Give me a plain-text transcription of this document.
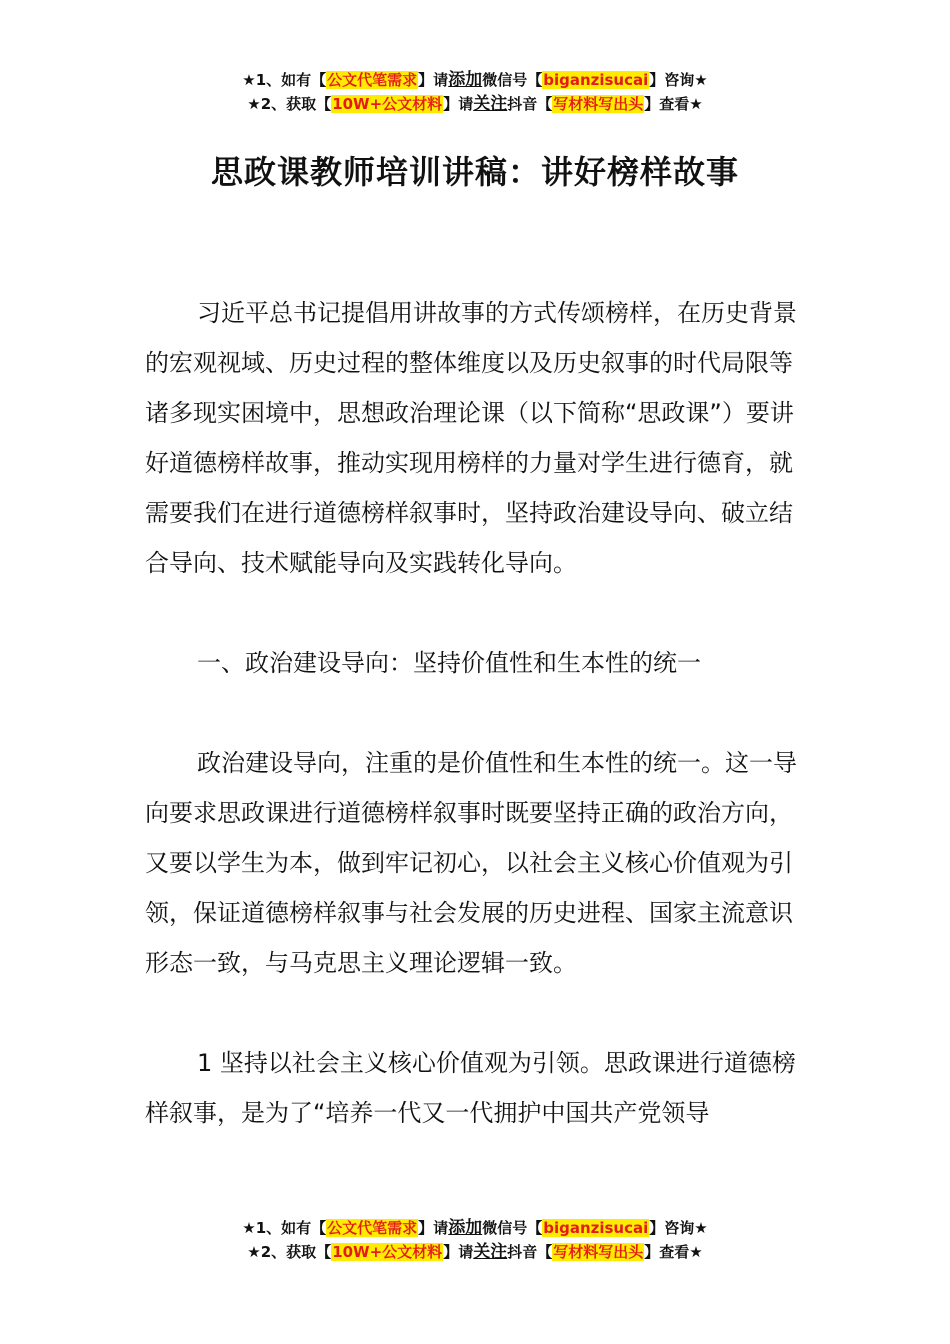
★1、如有【公文代笔需求】请添加微信号【biganzisucai】咨询★
★2、获取【10W+公文材料】请关注抖音【写材料写出头】查看★
思政课教师培训讲稿：讲好榜样故事

习近平总书记提倡用讲故事的方式传颂榜样，在历史背景的宏观视域、历史过程的整体维度以及历史叙事的时代局限等诸多现实困境中，思想政治理论课（以下简称“思政课”）要讲好道德榜样故事，推动实现用榜样的力量对学生进行德育，就需要我们在进行道德榜样叙事时，坚持政治建设导向、破立结合导向、技术赋能导向及实践转化导向。

一、政治建设导向：坚持价值性和生本性的统一

政治建设导向，注重的是价值性和生本性的统一。这一导向要求思政课进行道德榜样叙事时既要坚持正确的政治方向，又要以学生为本，做到牢记初心，以社会主义核心价值观为引领，保证道德榜样叙事与社会发展的历史进程、国家主流意识形态一致，与马克思主义理论逻辑一致。

1 坚持以社会主义核心价值观为引领。思政课进行道德榜样叙事，是为了“培养一代又一代拥护中国共产党领导

★1、如有【公文代笔需求】请添加微信号【biganzisucai】咨询★
★2、获取【10W+公文材料】请关注抖音【写材料写出头】查看★
